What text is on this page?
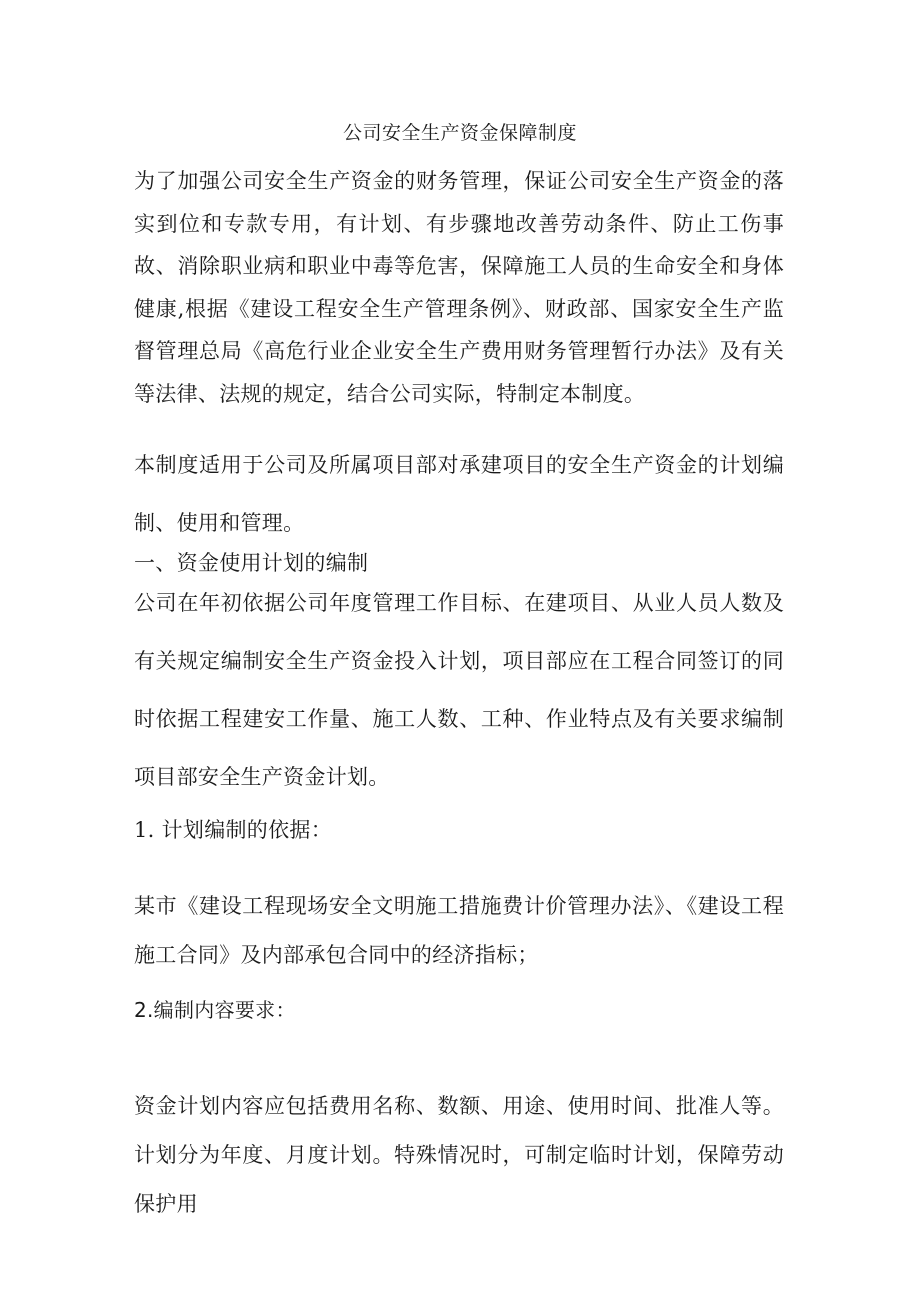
公司安全生产资金保障制度
为了加强公司安全生产资金的财务管理，保证公司安全生产资金的落实到位和专款专用，有计划、有步骤地改善劳动条件、防止工伤事故、消除职业病和职业中毒等危害，保障施工人员的生命安全和身体健康,根据《建设工程安全生产管理条例》、财政部、国家安全生产监督管理总局《高危行业企业安全生产费用财务管理暂行办法》及有关等法律、法规的规定，结合公司实际，特制定本制度。
本制度适用于公司及所属项目部对承建项目的安全生产资金的计划编制、使用和管理。
一、资金使用计划的编制
公司在年初依据公司年度管理工作目标、在建项目、从业人员人数及有关规定编制安全生产资金投入计划，项目部应在工程合同签订的同时依据工程建安工作量、施工人数、工种、作业特点及有关要求编制项目部安全生产资金计划。
1. 计划编制的依据：
某市《建设工程现场安全文明施工措施费计价管理办法》、《建设工程施工合同》及内部承包合同中的经济指标；
2.编制内容要求：
资金计划内容应包括费用名称、数额、用途、使用时间、批准人等。计划分为年度、月度计划。特殊情况时，可制定临时计划，保障劳动保护用
